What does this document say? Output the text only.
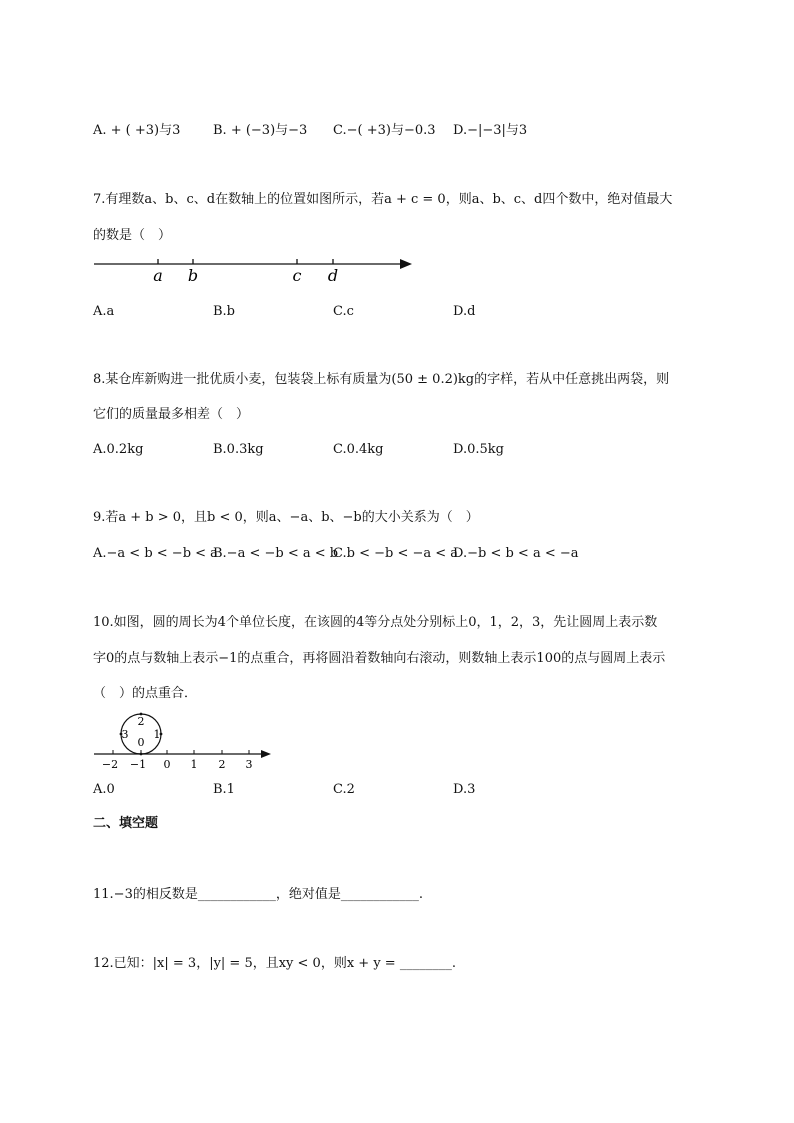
A. + ( +3)与3	B. + (−3)与−3 C.−( +3)与−0.3 D.−|−3|与3
7.有理数a、b、c、d在数轴上的位置如图所示，若a + c = 0，则a、b、c、d四个数中，绝对值最大
的数是（　）
a b	c d
A.a	B.b	C.c	D.d
8.某仓库新购进一批优质小麦，包装袋上标有质量为(50 ± 0.2)kg的字样，若从中任意挑出两袋，则
它们的质量最多相差（　）
A.0.2kg	B.0.3kg	C.0.4kg	D.0.5kg
9.若a + b > 0，且b < 0，则a、−a、b、−b的大小关系为（　）
A.−a < b < −b < a
B.−a < −b < a < b
C.b < −b < −a < a
D.−b < b < a < −a
10.如图，圆的周长为4个单位长度，在该圆的4等分点处分别标上0，1，2，3，先让圆周上表示数
字0的点与数轴上表示−1的点重合，再将圆沿着数轴向右滚动，则数轴上表示100的点与圆周上表示
（　）的点重合．
2
3 1
0
−2 −1 0 1 2 3
A.0	B.1	C.2	D.3
二、填空题
11.−3的相反数是____________，绝对值是____________.
12.已知：|x| = 3，|y| = 5，且xy < 0，则x + y = ________.
